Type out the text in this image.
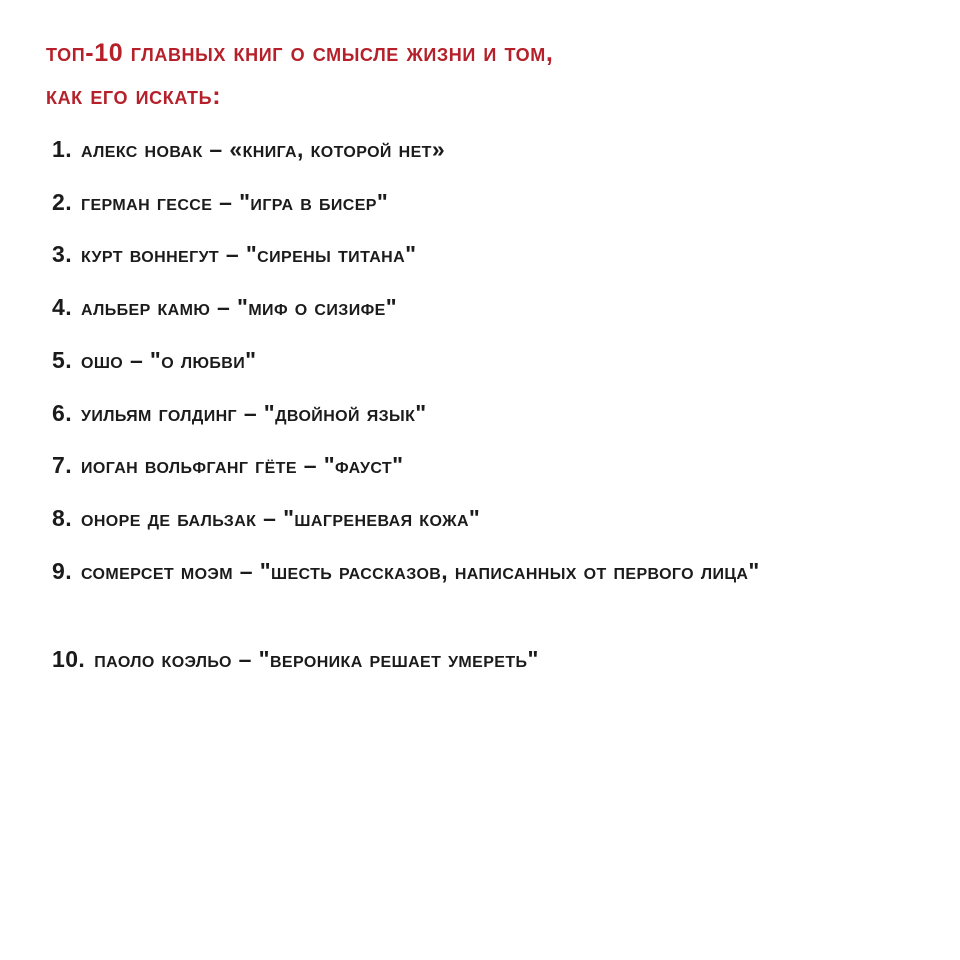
топ-10 главных книг о смысле жизни и том,
как его искать:
1. алекс новак – «книга, которой нет»
2. герман гессе – "игра в бисер"
3. курт воннегут – "сирены титана"
4. альбер камю – "миф о сизифе"
5. ошо – "о любви"
6. уильям голдинг – "двойной язык"
7. иоган вольфганг гёте – "фауст"
8. оноре де бальзак – "шагреневая кожа"
9. сомерсет моэм – "шесть рассказов, написанных от первого лица"
10. паоло коэльо – "вероника решает умереть"
